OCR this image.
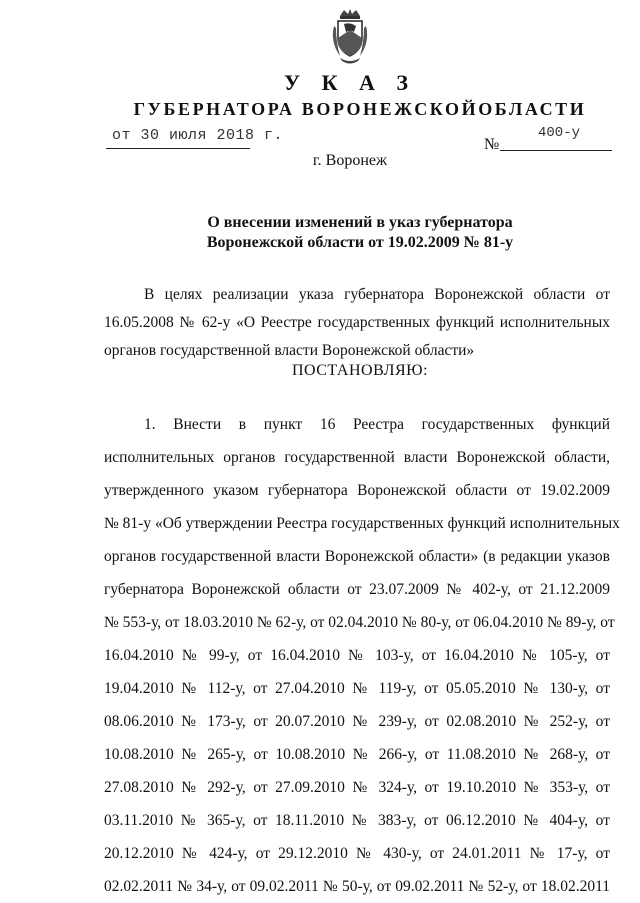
У К А З
ГУБЕРНАТОРА ВОРОНЕЖСКОЙОБЛАСТИ
от 30 июля 2018 г.
№
400-у
г. Воронеж
О внесении изменений в указ губернатора
Воронежской области от 19.02.2009 № 81-у
В целях реализации указа губернатора Воронежской области от
16.05.2008 № 62-у «О Реестре государственных функций исполнительных
органов государственной власти Воронежской области»
ПОСТАНОВЛЯЮ:
1. Внести в пункт 16 Реестра государственных функций
исполнительных органов государственной власти Воронежской области,
утвержденного указом губернатора Воронежской области от 19.02.2009
№ 81-у «Об утверждении Реестра государственных функций исполнительных
органов государственной власти Воронежской области» (в редакции указов
губернатора Воронежской области от 23.07.2009 № 402-у, от 21.12.2009
№ 553-у, от 18.03.2010 № 62-у, от 02.04.2010 № 80-у, от 06.04.2010 № 89-у, от
16.04.2010 № 99-у, от 16.04.2010 № 103-у, от 16.04.2010 № 105-у, от
19.04.2010 № 112-у, от 27.04.2010 № 119-у, от 05.05.2010 № 130-у, от
08.06.2010 № 173-у, от 20.07.2010 № 239-у, от 02.08.2010 № 252-у, от
10.08.2010 № 265-у, от 10.08.2010 № 266-у, от 11.08.2010 № 268-у, от
27.08.2010 № 292-у, от 27.09.2010 № 324-у, от 19.10.2010 № 353-у, от
03.11.2010 № 365-у, от 18.11.2010 № 383-у, от 06.12.2010 № 404-у, от
20.12.2010 № 424-у, от 29.12.2010 № 430-у, от 24.01.2011 № 17-у, от
02.02.2011 № 34-у, от 09.02.2011 № 50-у, от 09.02.2011 № 52-у, от 18.02.2011
